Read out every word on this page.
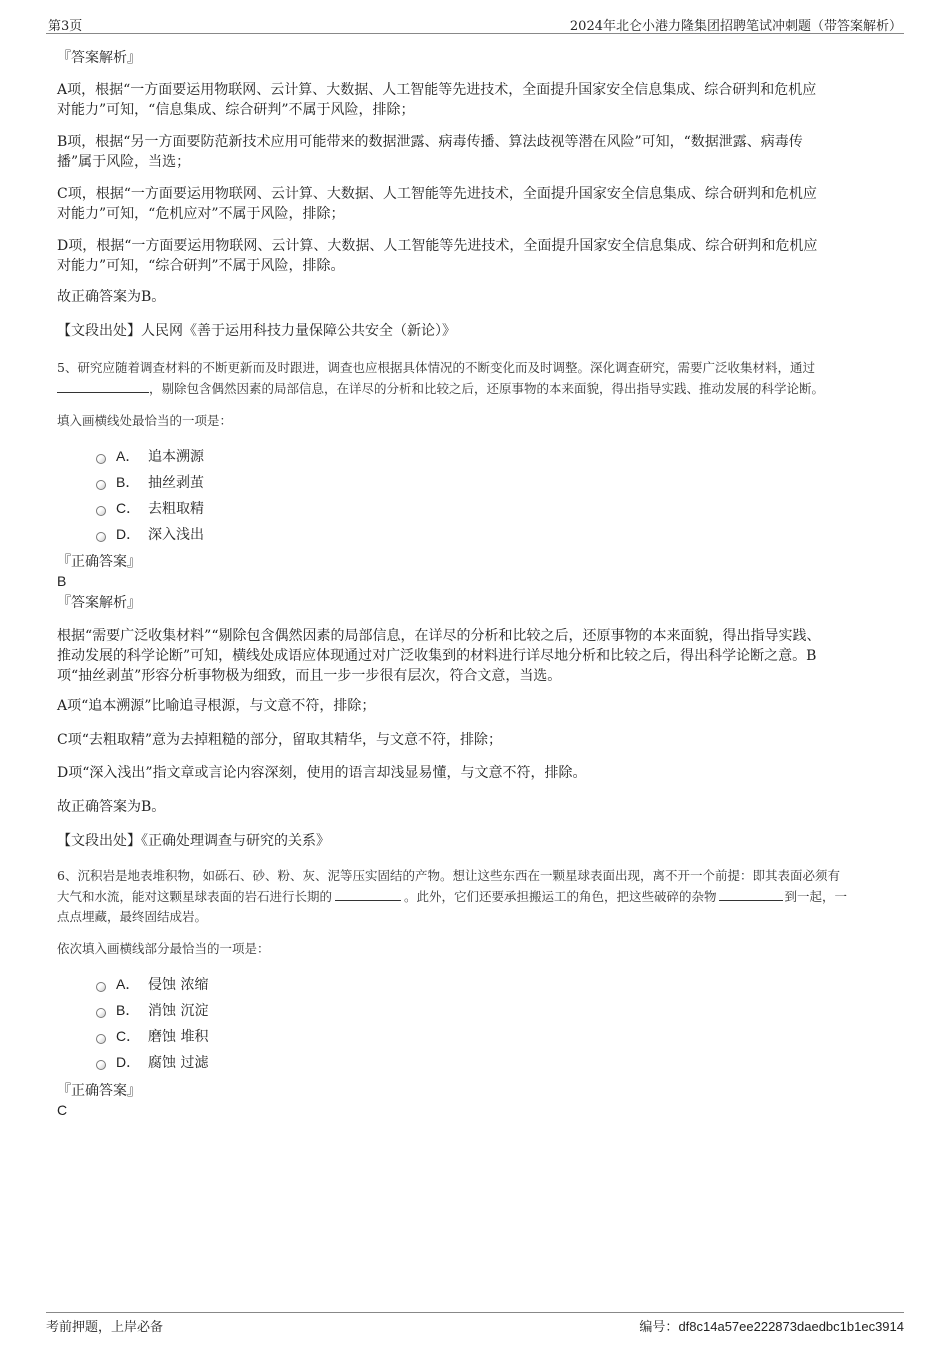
第3页	2024年北仑小港力隆集团招聘笔试冲刺题（带答案解析）
『答案解析』
A项，根据“一方面要运用物联网、云计算、大数据、人工智能等先进技术，全面提升国家安全信息集成、综合研判和危机应
对能力”可知，“信息集成、综合研判”不属于风险，排除；
B项，根据“另一方面要防范新技术应用可能带来的数据泄露、病毒传播、算法歧视等潜在风险”可知，“数据泄露、病毒传
播”属于风险，当选；
C项，根据“一方面要运用物联网、云计算、大数据、人工智能等先进技术，全面提升国家安全信息集成、综合研判和危机应
对能力”可知，“危机应对”不属于风险，排除；
D项，根据“一方面要运用物联网、云计算、大数据、人工智能等先进技术，全面提升国家安全信息集成、综合研判和危机应
对能力”可知，“综合研判”不属于风险，排除。
故正确答案为B。
【文段出处】人民网《善于运用科技力量保障公共安全（新论）》
5、研究应随着调查材料的不断更新而及时跟进，调查也应根据具体情况的不断变化而及时调整。深化调查研究，需要广泛收集材料，通过
，剔除包含偶然因素的局部信息，在详尽的分析和比较之后，还原事物的本来面貌，得出指导实践、推动发展的科学论断。
填入画横线处最恰当的一项是：
A． 追本溯源
B． 抽丝剥茧
C． 去粗取精
D． 深入浅出
『正确答案』
B
『答案解析』
根据“需要广泛收集材料”“剔除包含偶然因素的局部信息，在详尽的分析和比较之后，还原事物的本来面貌，得出指导实践、
推动发展的科学论断”可知，横线处成语应体现通过对广泛收集到的材料进行详尽地分析和比较之后，得出科学论断之意。B
项“抽丝剥茧”形容分析事物极为细致，而且一步一步很有层次，符合文意，当选。
A项“追本溯源”比喻追寻根源，与文意不符，排除；
C项“去粗取精”意为去掉粗糙的部分，留取其精华，与文意不符，排除；
D项“深入浅出”指文章或言论内容深刻，使用的语言却浅显易懂，与文意不符，排除。
故正确答案为B。
【文段出处】《正确处理调查与研究的关系》
6、沉积岩是地表堆积物，如砾石、砂、粉、灰、泥等压实固结的产物。想让这些东西在一颗星球表面出现，离不开一个前提：即其表面必须有
大气和水流，能对这颗星球表面的岩石进行长期的	。此外，它们还要承担搬运工的角色，把这些破碎的杂物	到一起，一
点点埋藏，最终固结成岩。
依次填入画横线部分最恰当的一项是：
A． 侵蚀 浓缩
B． 消蚀 沉淀
C． 磨蚀 堆积
D． 腐蚀 过滤
『正确答案』
C
考前押题，上岸必备	编号：df8c14a57ee222873daedbc1b1ec3914
